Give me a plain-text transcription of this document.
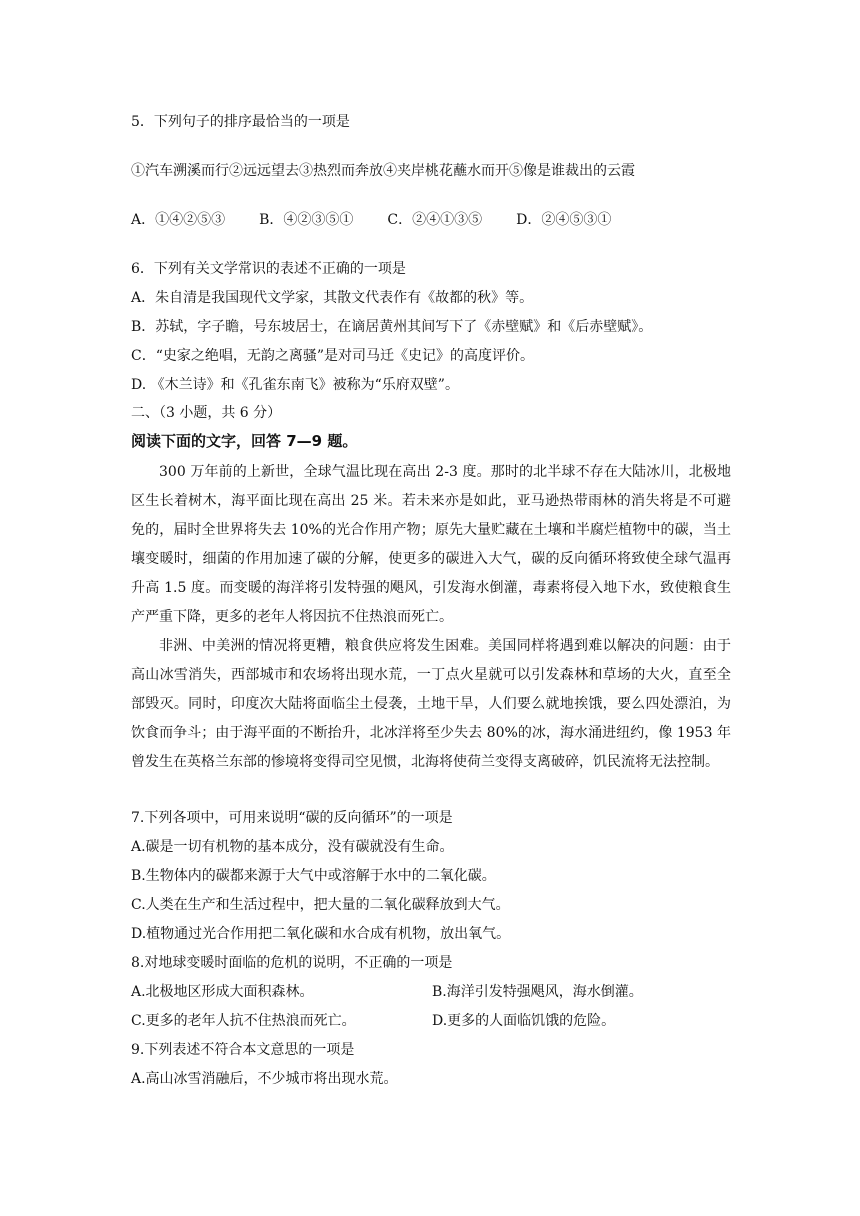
5．下列句子的排序最恰当的一项是
①汽车溯溪而行②远远望去③热烈而奔放④夹岸桃花蘸水而开⑤像是谁裁出的云霞
A．①④②⑤③ B．④②③⑤① C．②④①③⑤ D．②④⑤③①
6．下列有关文学常识的表述不正确的一项是
A．朱自清是我国现代文学家，其散文代表作有《故都的秋》等。
B．苏轼，字子瞻，号东坡居士，在谪居黄州其间写下了《赤壁赋》和《后赤壁赋》。
C．“史家之绝唱，无韵之离骚”是对司马迁《史记》的高度评价。
D. 《木兰诗》和《孔雀东南飞》被称为“乐府双壁”。
二、（3 小题，共 6 分）
阅读下面的文字，回答 7—9 题。
300 万年前的上新世，全球气温比现在高出 2-3 度。那时的北半球不存在大陆冰川，北极地区生长着树木，海平面比现在高出 25 米。若未来亦是如此，亚马逊热带雨林的消失将是不可避免的，届时全世界将失去 10%的光合作用产物；原先大量贮藏在土壤和半腐烂植物中的碳，当土壤变暖时，细菌的作用加速了碳的分解，使更多的碳进入大气，碳的反向循环将致使全球气温再升高 1.5 度。而变暖的海洋将引发特强的飓风，引发海水倒灌，毒素将侵入地下水，致使粮食生产严重下降，更多的老年人将因抗不住热浪而死亡。
非洲、中美洲的情况将更糟，粮食供应将发生困难。美国同样将遇到难以解决的问题：由于高山冰雪消失，西部城市和农场将出现水荒，一丁点火星就可以引发森林和草场的大火，直至全部毁灭。同时，印度次大陆将面临尘土侵袭，土地干旱，人们要么就地挨饿，要么四处漂泊，为饮食而争斗；由于海平面的不断抬升，北冰洋将至少失去 80%的冰，海水涌进纽约，像 1953 年曾发生在英格兰东部的惨境将变得司空见惯，北海将使荷兰变得支离破碎，饥民流将无法控制。
7.下列各项中，可用来说明“碳的反向循环”的一项是
A.碳是一切有机物的基本成分，没有碳就没有生命。
B.生物体内的碳都来源于大气中或溶解于水中的二氧化碳。
C.人类在生产和生活过程中，把大量的二氧化碳释放到大气。
D.植物通过光合作用把二氧化碳和水合成有机物，放出氧气。
8.对地球变暖时面临的危机的说明，不正确的一项是
A.北极地区形成大面积森林。	B.海洋引发特强飓风，海水倒灌。
C.更多的老年人抗不住热浪而死亡。	D.更多的人面临饥饿的危险。
9.下列表述不符合本文意思的一项是
A.高山冰雪消融后，不少城市将出现水荒。
